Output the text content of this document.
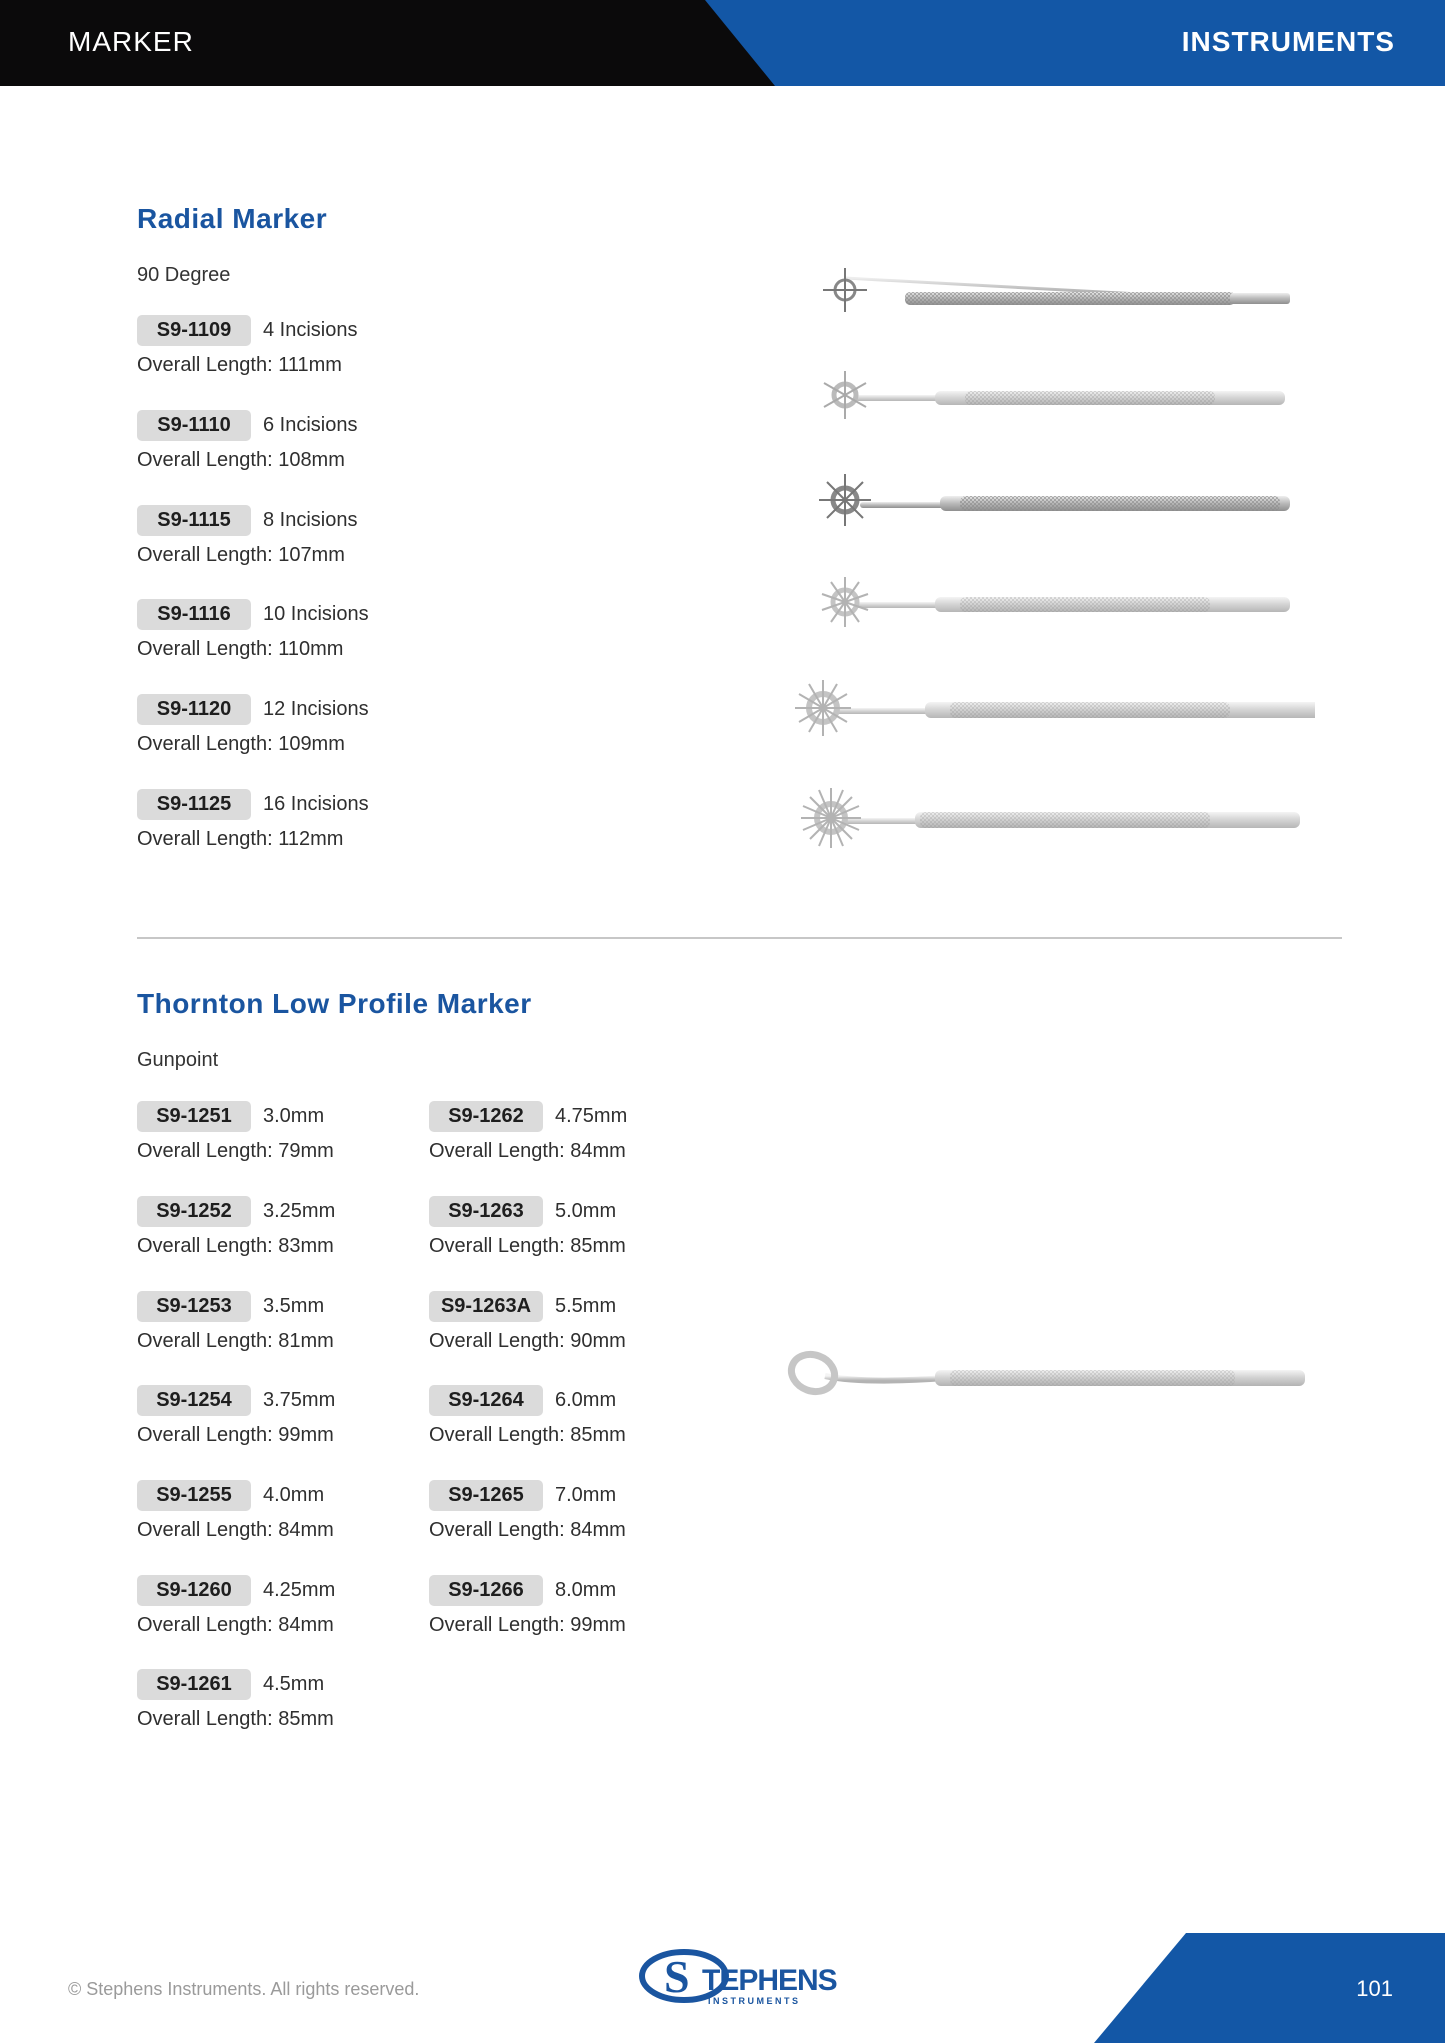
MARKER	INSTRUMENTS
Radial Marker
90 Degree
S9-1109	4 Incisions
Overall Length: 111mm
S9-1110	6 Incisions
Overall Length: 108mm
S9-1115	8 Incisions
Overall Length: 107mm
S9-1116	10 Incisions
Overall Length: 110mm
S9-1120	12 Incisions
Overall Length: 109mm
S9-1125	16 Incisions
Overall Length: 112mm
Thornton Low Profile Marker
Gunpoint
S9-1251	3.0mm
Overall Length: 79mm
S9-1252	3.25mm
Overall Length: 83mm
S9-1253	3.5mm
Overall Length: 81mm
S9-1254	3.75mm
Overall Length: 99mm
S9-1255	4.0mm
Overall Length: 84mm
S9-1260	4.25mm
Overall Length: 84mm
S9-1261	4.5mm
Overall Length: 85mm
S9-1262	4.75mm
Overall Length: 84mm
S9-1263	5.0mm
Overall Length: 85mm
S9-1263A	5.5mm
Overall Length: 90mm
S9-1264	6.0mm
Overall Length: 85mm
S9-1265	7.0mm
Overall Length: 84mm
S9-1266	8.0mm
Overall Length: 99mm
© Stephens Instruments. All rights reserved.	S TEPHENS
INSTRUMENTS	101
